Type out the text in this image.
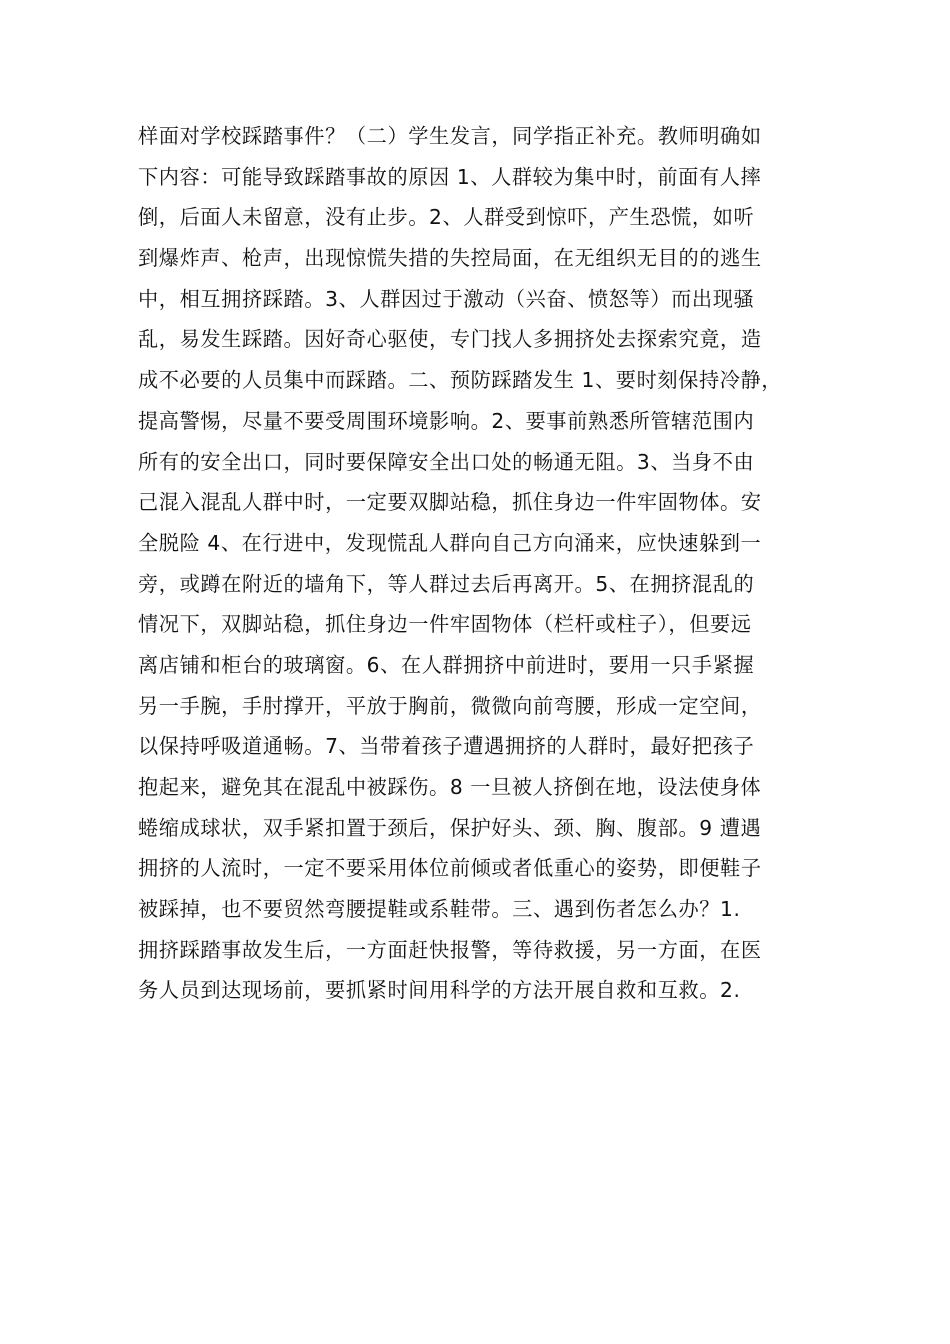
样面对学校踩踏事件？（二）学生发言，同学指正补充。教师明确如
下内容：可能导致踩踏事故的原因 1、人群较为集中时，前面有人摔
倒，后面人未留意，没有止步。2、人群受到惊吓，产生恐慌，如听
到爆炸声、枪声，出现惊慌失措的失控局面，在无组织无目的的逃生
中，相互拥挤踩踏。3、人群因过于激动（兴奋、愤怒等）而出现骚
乱，易发生踩踏。因好奇心驱使，专门找人多拥挤处去探索究竟，造
成不必要的人员集中而踩踏。二、预防踩踏发生 1、要时刻保持冷静，
提高警惕，尽量不要受周围环境影响。2、要事前熟悉所管辖范围内
所有的安全出口，同时要保障安全出口处的畅通无阻。3、当身不由
己混入混乱人群中时，一定要双脚站稳，抓住身边一件牢固物体。安
全脱险 4、在行进中，发现慌乱人群向自己方向涌来，应快速躲到一
旁，或蹲在附近的墙角下，等人群过去后再离开。5、在拥挤混乱的
情况下，双脚站稳，抓住身边一件牢固物体（栏杆或柱子），但要远
离店铺和柜台的玻璃窗。6、在人群拥挤中前进时，要用一只手紧握
另一手腕，手肘撑开，平放于胸前，微微向前弯腰，形成一定空间，
以保持呼吸道通畅。7、当带着孩子遭遇拥挤的人群时，最好把孩子
抱起来，避免其在混乱中被踩伤。8 一旦被人挤倒在地，设法使身体
蜷缩成球状，双手紧扣置于颈后，保护好头、颈、胸、腹部。9 遭遇
拥挤的人流时，一定不要采用体位前倾或者低重心的姿势，即便鞋子
被踩掉，也不要贸然弯腰提鞋或系鞋带。三、遇到伤者怎么办？1.
拥挤踩踏事故发生后，一方面赶快报警，等待救援，另一方面，在医
务人员到达现场前，要抓紧时间用科学的方法开展自救和互救。2.
